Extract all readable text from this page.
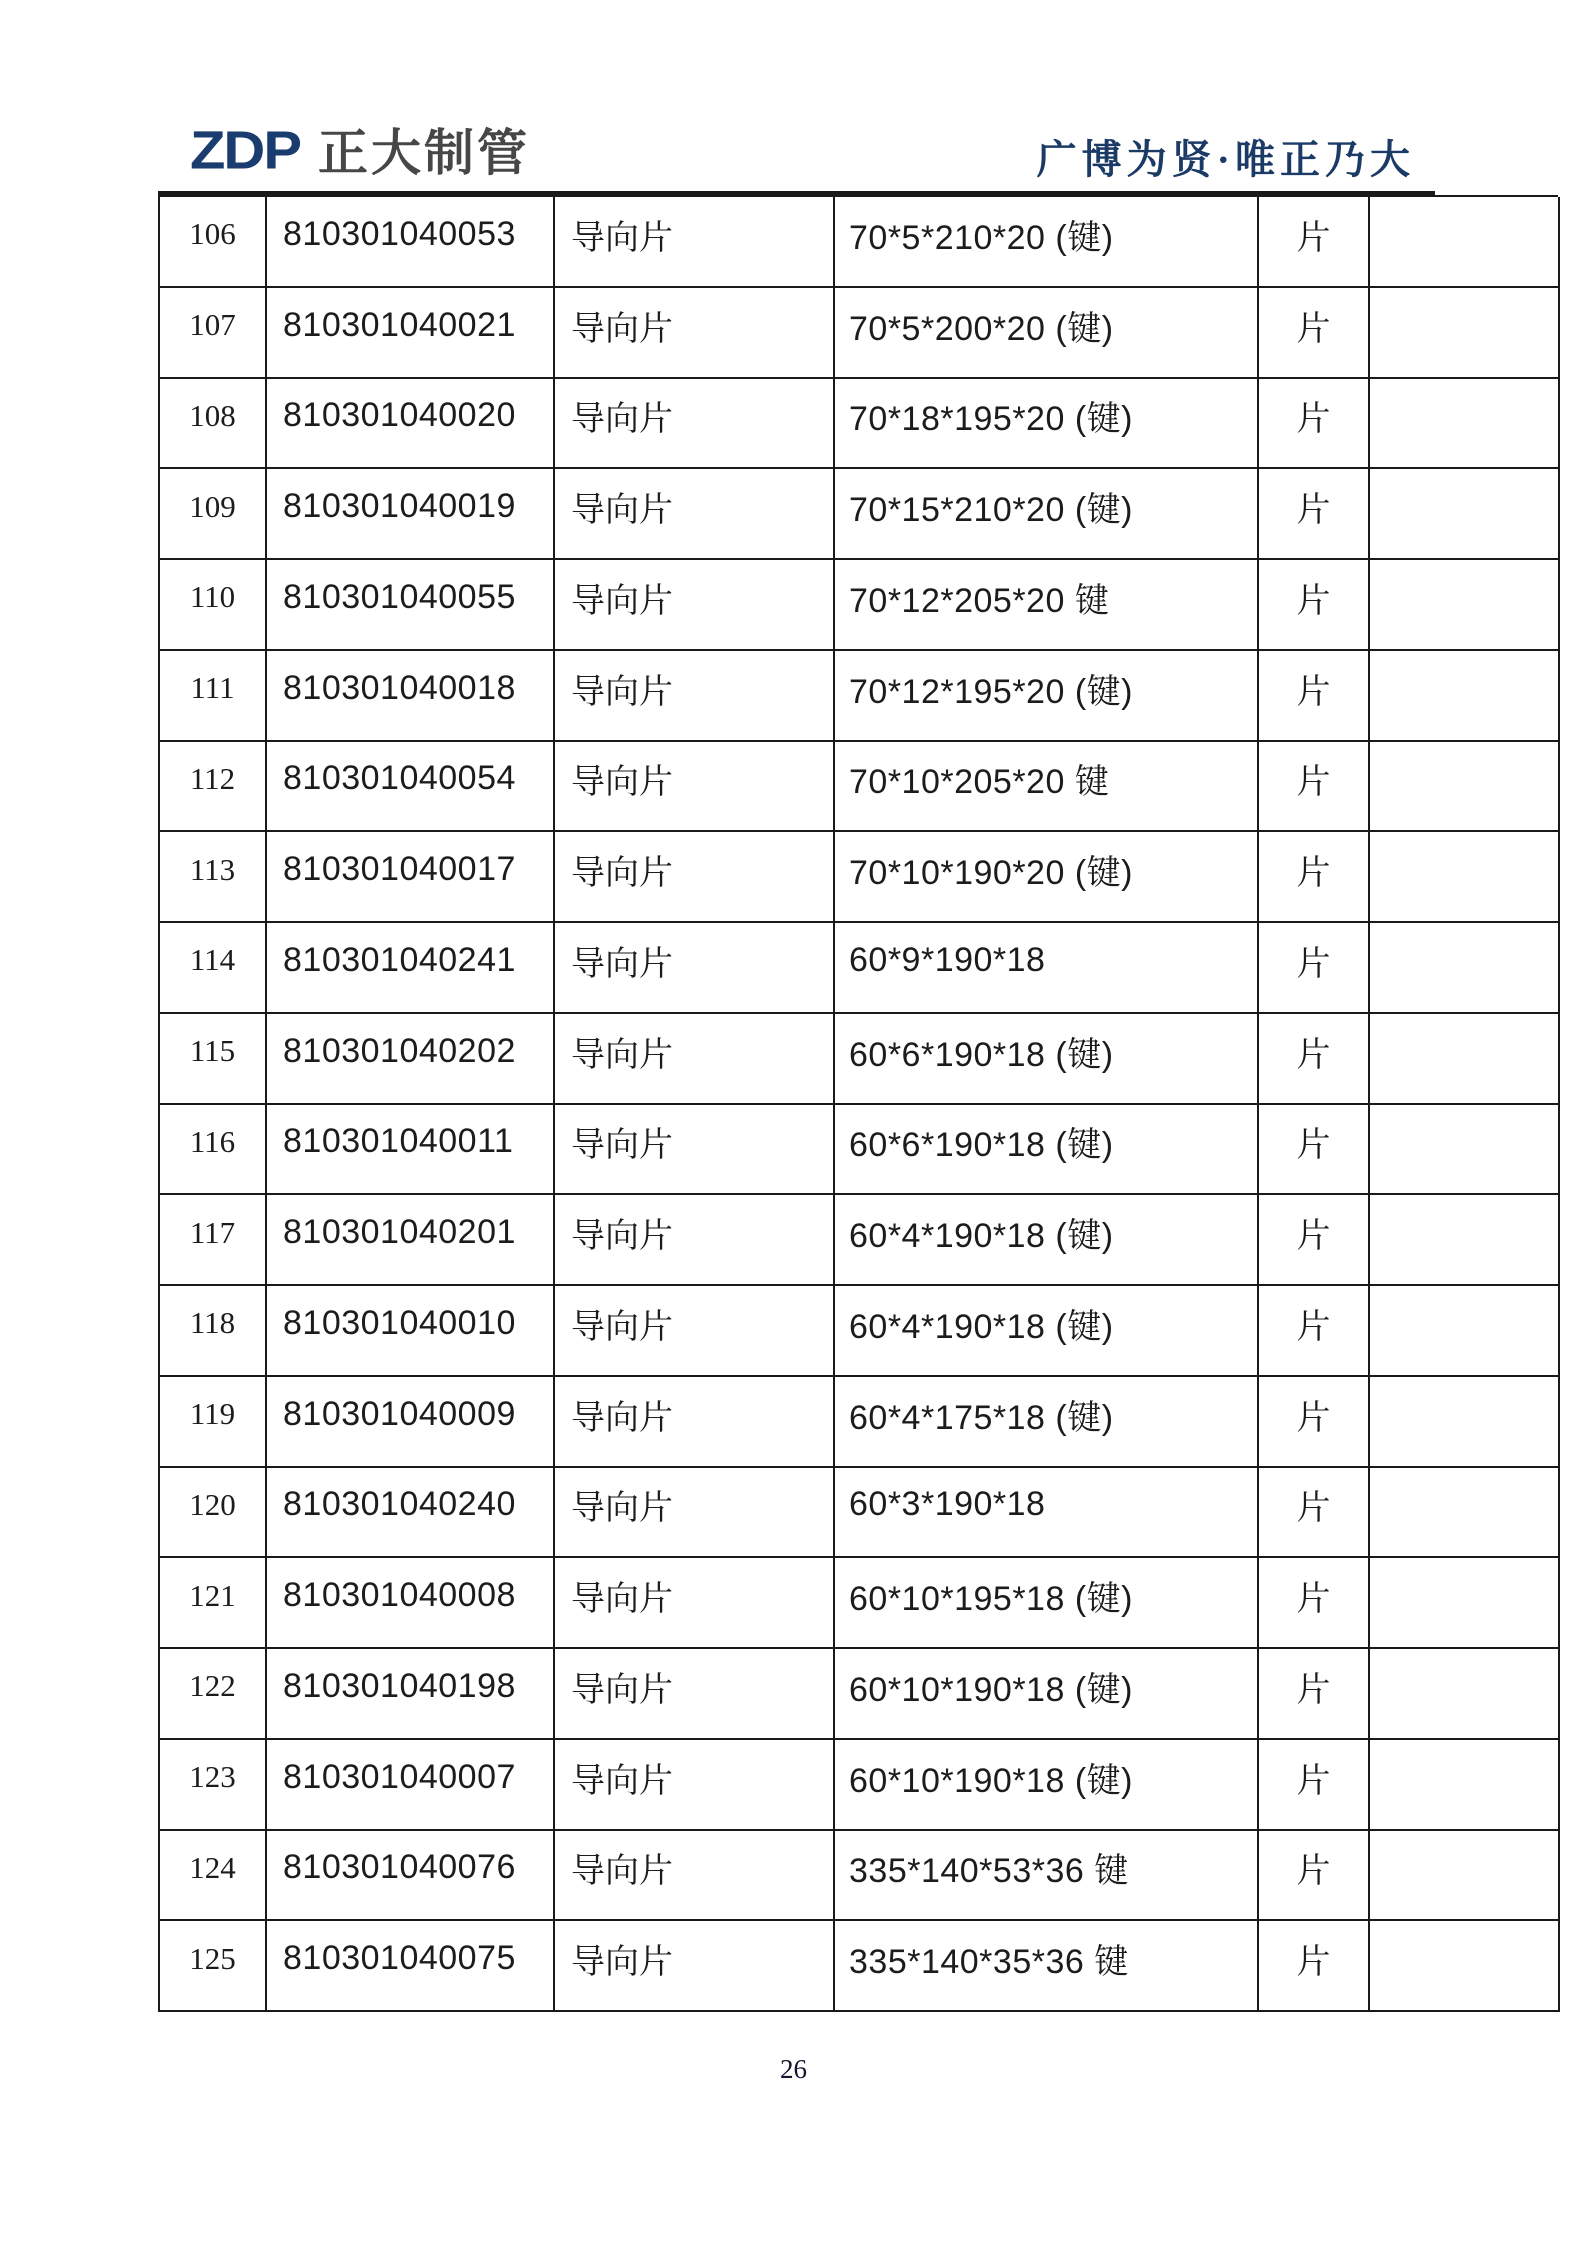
ZDP 正大制管	广博为贤·唯正乃大
106	810301040053	导向片	70*5*210*20 (键)	片
107	810301040021	导向片	70*5*200*20 (键)	片
108	810301040020	导向片	70*18*195*20 (键)	片
109	810301040019	导向片	70*15*210*20 (键)	片
110	810301040055	导向片	70*12*205*20 键	片
111	810301040018	导向片	70*12*195*20 (键)	片
112	810301040054	导向片	70*10*205*20 键	片
113	810301040017	导向片	70*10*190*20 (键)	片
114	810301040241	导向片	60*9*190*18	片
115	810301040202	导向片	60*6*190*18 (键)	片
116	810301040011	导向片	60*6*190*18 (键)	片
117	810301040201	导向片	60*4*190*18 (键)	片
118	810301040010	导向片	60*4*190*18 (键)	片
119	810301040009	导向片	60*4*175*18 (键)	片
120	810301040240	导向片	60*3*190*18	片
121	810301040008	导向片	60*10*195*18 (键)	片
122	810301040198	导向片	60*10*190*18 (键)	片
123	810301040007	导向片	60*10*190*18 (键)	片
124	810301040076	导向片	335*140*53*36 键	片
125	810301040075	导向片	335*140*35*36 键	片
26
